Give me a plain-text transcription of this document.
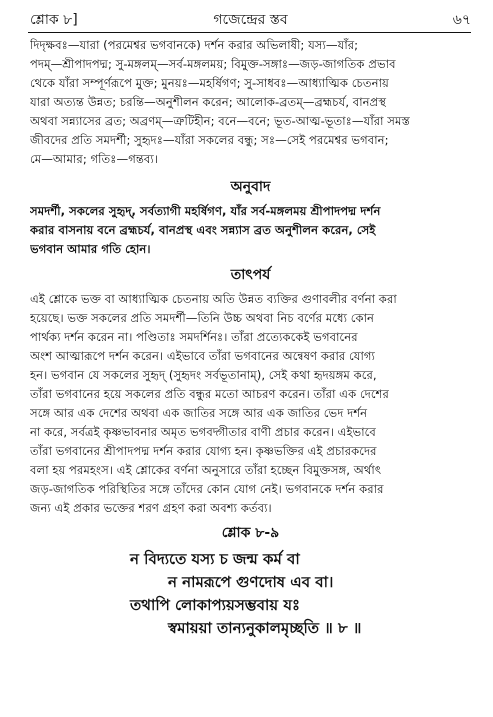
শ্লোক ৮]	গজেন্দ্রের স্তব	৬৭
দিদৃক্ষবঃ—যারা (পরমেশ্বর ভগবানকে) দর্শন করার অভিলাষী; যস্য—যাঁর;
পদম্—শ্রীপাদপদ্ম; সু-মঙ্গলম্—সর্ব-মঙ্গলময়; বিমুক্ত-সঙ্গাঃ—জড়-জাগতিক প্রভাব
থেকে যাঁরা সম্পূর্ণরূপে মুক্ত; মুনয়ঃ—মহর্ষিগণ; সু-সাধবঃ—আধ্যাত্মিক চেতনায়
যারা অত্যন্ত উন্নত; চরন্তি—অনুশীলন করেন; আলোক-ব্রতম্—ব্রহ্মচর্য, বানপ্রস্থ
অথবা সন্ন্যাসের ব্রত; অব্রণম্—ত্রুটিহীন; বনে—বনে; ভূত-আত্ম-ভূতাঃ—যাঁরা সমস্ত
জীবদের প্রতি সমদর্শী; সুহৃদঃ—যাঁরা সকলের বন্ধু; সঃ—সেই পরমেশ্বর ভগবান;
মে—আমার; গতিঃ—গন্তব্য।
অনুবাদ
সমদর্শী, সকলের সুহৃদ্, সর্বত্যাগী মহর্ষিগণ, যাঁর সর্ব-মঙ্গলময় শ্রীপাদপদ্ম দর্শন
করার বাসনায় বনে ব্রহ্মচর্য, বানপ্রস্থ এবং সন্ন্যাস ব্রত অনুশীলন করেন, সেই
ভগবান আমার গতি হোন।
তাৎপর্য
এই শ্লোকে ভক্ত বা আধ্যাত্মিক চেতনায় অতি উন্নত ব্যক্তির গুণাবলীর বর্ণনা করা
হয়েছে। ভক্ত সকলের প্রতি সমদর্শী—তিনি উচ্চ অথবা নিচ বর্ণের মধ্যে কোন
পার্থক্য দর্শন করেন না। পণ্ডিতাঃ সমদর্শিনঃ। তাঁরা প্রত্যেককেই ভগবানের
অংশ আত্মারূপে দর্শন করেন। এইভাবে তাঁরা ভগবানের অন্বেষণ করার যোগ্য
হন। ভগবান যে সকলের সুহৃদ্ (সুহৃদং সর্বভূতানাম্), সেই কথা হৃদয়ঙ্গম করে,
তাঁরা ভগবানের হয়ে সকলের প্রতি বন্ধুর মতো আচরণ করেন। তাঁরা এক দেশের
সঙ্গে আর এক দেশের অথবা এক জাতির সঙ্গে আর এক জাতির ভেদ দর্শন
না করে, সর্বত্রই কৃষ্ণভাবনার অমৃত ভগবদ্গীতার বাণী প্রচার করেন। এইভাবে
তাঁরা ভগবানের শ্রীপাদপদ্ম দর্শন করার যোগ্য হন। কৃষ্ণভক্তির এই প্রচারকদের
বলা হয় পরমহংস। এই শ্লোকের বর্ণনা অনুসারে তাঁরা হচ্ছেন বিমুক্তসঙ্গ, অর্থাৎ
জড়-জাগতিক পরিস্থিতির সঙ্গে তাঁদের কোন যোগ নেই। ভগবানকে দর্শন করার
জন্য এই প্রকার ভক্তের শরণ গ্রহণ করা অবশ্য কর্তব্য।
শ্লোক ৮-৯
ন বিদ্যতে যস্য চ জন্ম কর্ম বা
ন নামরূপে গুণদোষ এব বা।
তথাপি লোকাপ্যয়সম্ভবায় যঃ
স্বমায়য়া তান্যনুকালমৃচ্ছতি ॥ ৮ ॥
